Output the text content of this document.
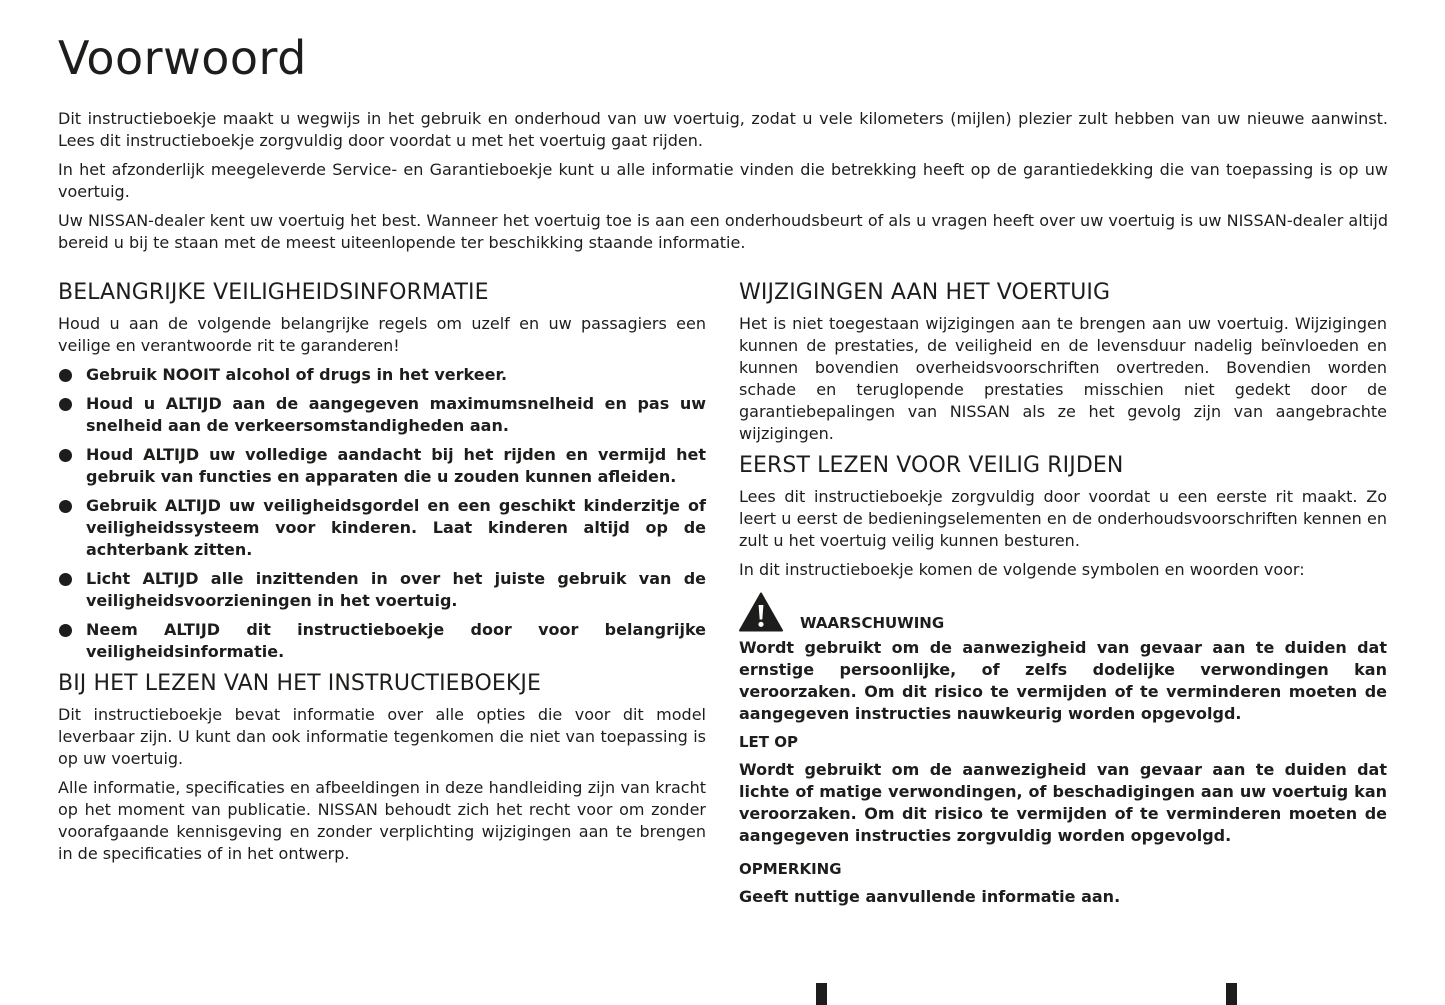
Voorwoord

Dit instructieboekje maakt u wegwijs in het gebruik en onderhoud van uw voertuig, zodat u vele kilometers (mijlen) plezier zult hebben van uw nieuwe aanwinst. Lees dit instructieboekje zorgvuldig door voordat u met het voertuig gaat rijden.

In het afzonderlijk meegeleverde Service- en Garantieboekje kunt u alle informatie vinden die betrekking heeft op de garantiedekking die van toepassing is op uw voertuig.

Uw NISSAN-dealer kent uw voertuig het best. Wanneer het voertuig toe is aan een onderhoudsbeurt of als u vragen heeft over uw voertuig is uw NISSAN-dealer altijd bereid u bij te staan met de meest uiteenlopende ter beschikking staande informatie.

BELANGRIJKE VEILIGHEIDSINFORMATIE

Houd u aan de volgende belangrijke regels om uzelf en uw passagiers een veilige en verantwoorde rit te garanderen!

Gebruik NOOIT alcohol of drugs in het verkeer.
Houd u ALTIJD aan de aangegeven maximumsnelheid en pas uw snelheid aan de verkeersomstandigheden aan.
Houd ALTIJD uw volledige aandacht bij het rijden en vermijd het gebruik van functies en apparaten die u zouden kunnen afleiden.
Gebruik ALTIJD uw veiligheidsgordel en een geschikt kinderzitje of veiligheidssysteem voor kinderen. Laat kinderen altijd op de achterbank zitten.
Licht ALTIJD alle inzittenden in over het juiste gebruik van de veiligheidsvoorzieningen in het voertuig.
Neem ALTIJD dit instructieboekje door voor belangrijke veiligheidsinformatie.
BIJ HET LEZEN VAN HET INSTRUCTIEBOEKJE

Dit instructieboekje bevat informatie over alle opties die voor dit model leverbaar zijn. U kunt dan ook informatie tegenkomen die niet van toepassing is op uw voertuig.

Alle informatie, specificaties en afbeeldingen in deze handleiding zijn van kracht op het moment van publicatie. NISSAN behoudt zich het recht voor om zonder voorafgaande kennisgeving en zonder verplichting wijzigingen aan te brengen in de specificaties of in het ontwerp.

WIJZIGINGEN AAN HET VOERTUIG

Het is niet toegestaan wijzigingen aan te brengen aan uw voertuig. Wijzigingen kunnen de prestaties, de veiligheid en de levensduur nadelig beïnvloeden en kunnen bovendien overheidsvoorschriften overtreden. Bovendien worden schade en teruglopende prestaties misschien niet gedekt door de garantiebepalingen van NISSAN als ze het gevolg zijn van aangebrachte wijzigingen.

EERST LEZEN VOOR VEILIG RIJDEN

Lees dit instructieboekje zorgvuldig door voordat u een eerste rit maakt. Zo leert u eerst de bedieningselementen en de onderhoudsvoorschriften kennen en zult u het voertuig veilig kunnen besturen.

In dit instructieboekje komen de volgende symbolen en woorden voor:

WAARSCHUWING

Wordt gebruikt om de aanwezigheid van gevaar aan te duiden dat ernstige persoonlijke, of zelfs dodelijke verwondingen kan veroorzaken. Om dit risico te vermijden of te verminderen moeten de aangegeven instructies nauwkeurig worden opgevolgd.

LET OP

Wordt gebruikt om de aanwezigheid van gevaar aan te duiden dat lichte of matige verwondingen, of beschadigingen aan uw voertuig kan veroorzaken. Om dit risico te vermijden of te verminderen moeten de aangegeven instructies zorgvuldig worden opgevolgd.

OPMERKING

Geeft nuttige aanvullende informatie aan.
